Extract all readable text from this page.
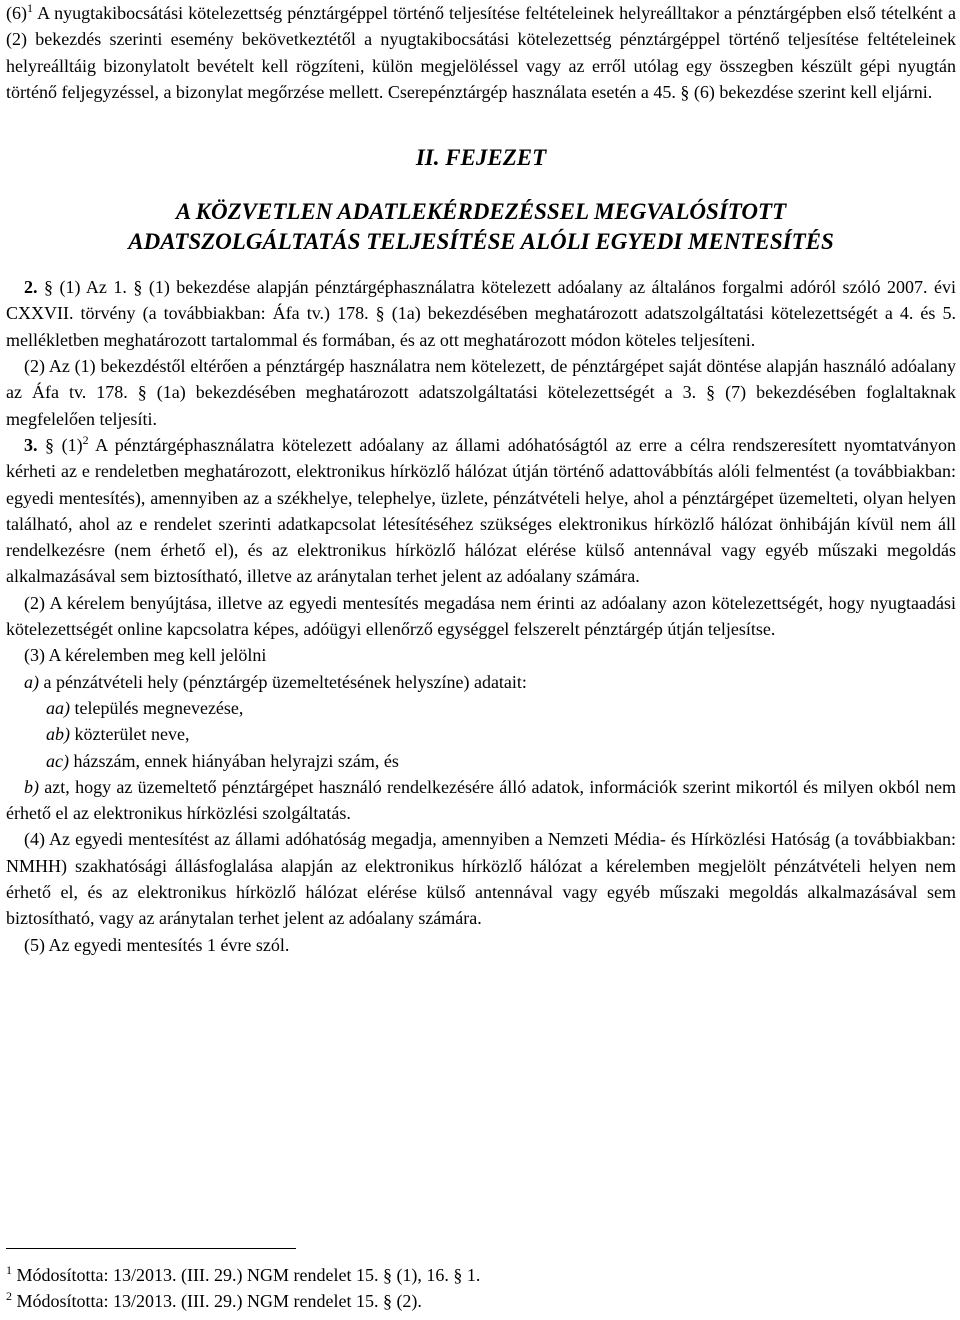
$(6)^1$ A nyugtakibocsátási kötelezettség pénztárgéppel történő teljesítése feltételeinek helyreálltakor a pénztárgépben első tételként a (2) bekezdés szerinti esemény bekövetkeztétől a nyugtakibocsátási kötelezettség pénztárgéppel történő teljesítése feltételeinek helyreálltáig bizonylatolt bevételt kell rögzíteni, külön megjelöléssel vagy az erről utólag egy összegben készült gépi nyugtán történő feljegyzéssel, a bizonylat megőrzése mellett. Cserepénztárgép használata esetén a 45. § (6) bekezdése szerint kell eljárni.

II. FEJEZET
A KÖZVETLEN ADATLEKÉRDEZÉSSEL MEGVALÓSÍTOTT
ADATSZOLGÁLTATÁS TELJESÍTÉSE ALÓLI EGYEDI MENTESÍTÉS

2. § (1) Az 1. § (1) bekezdése alapján pénztárgéphasználatra kötelezett adóalany az általános forgalmi adóról szóló 2007. évi CXXVII. törvény (a továbbiakban: Áfa tv.) 178. § (1a) bekezdésében meghatározott adatszolgáltatási kötelezettségét a 4. és 5. mellékletben meghatározott tartalommal és formában, és az ott meghatározott módon köteles teljesíteni.

(2) Az (1) bekezdéstől eltérően a pénztárgép használatra nem kötelezett, de pénztárgépet saját döntése alapján használó adóalany az Áfa tv. 178. § (1a) bekezdésében meghatározott adatszolgáltatási kötelezettségét a 3. § (7) bekezdésében foglaltaknak megfelelően teljesíti.

3. § $(1)^2$ A pénztárgéphasználatra kötelezett adóalany az állami adóhatóságtól az erre a célra rendszeresített nyomtatványon kérheti az e rendeletben meghatározott, elektronikus hírközlő hálózat útján történő adattovábbítás alóli felmentést (a továbbiakban: egyedi mentesítés), amennyiben az a székhelye, telephelye, üzlete, pénzátvételi helye, ahol a pénztárgépet üzemelteti, olyan helyen található, ahol az e rendelet szerinti adatkapcsolat létesítéséhez szükséges elektronikus hírközlő hálózat önhibáján kívül nem áll rendelkezésre (nem érhető el), és az elektronikus hírközlő hálózat elérése külső antennával vagy egyéb műszaki megoldás alkalmazásával sem biztosítható, illetve az aránytalan terhet jelent az adóalany számára.

(2) A kérelem benyújtása, illetve az egyedi mentesítés megadása nem érinti az adóalany azon kötelezettségét, hogy nyugtaadási kötelezettségét online kapcsolatra képes, adóügyi ellenőrző egységgel felszerelt pénztárgép útján teljesítse.

(3) A kérelemben meg kell jelölni

a) a pénzátvételi hely (pénztárgép üzemeltetésének helyszíne) adatait:

aa) település megnevezése,

ab) közterület neve,

ac) házszám, ennek hiányában helyrajzi szám, és

b) azt, hogy az üzemeltető pénztárgépet használó rendelkezésére álló adatok, információk szerint mikortól és milyen okból nem érhető el az elektronikus hírközlési szolgáltatás.

(4) Az egyedi mentesítést az állami adóhatóság megadja, amennyiben a Nemzeti Média- és Hírközlési Hatóság (a továbbiakban: NMHH) szakhatósági állásfoglalása alapján az elektronikus hírközlő hálózat a kérelemben megjelölt pénzátvételi helyen nem érhető el, és az elektronikus hírközlő hálózat elérése külső antennával vagy egyéb műszaki megoldás alkalmazásával sem biztosítható, vagy az aránytalan terhet jelent az adóalany számára.

(5) Az egyedi mentesítés 1 évre szól.

$^1$ Módosította: 13/2013. (III. 29.) NGM rendelet 15. § (1), 16. § 1.
$^2$ Módosította: 13/2013. (III. 29.) NGM rendelet 15. § (2).
